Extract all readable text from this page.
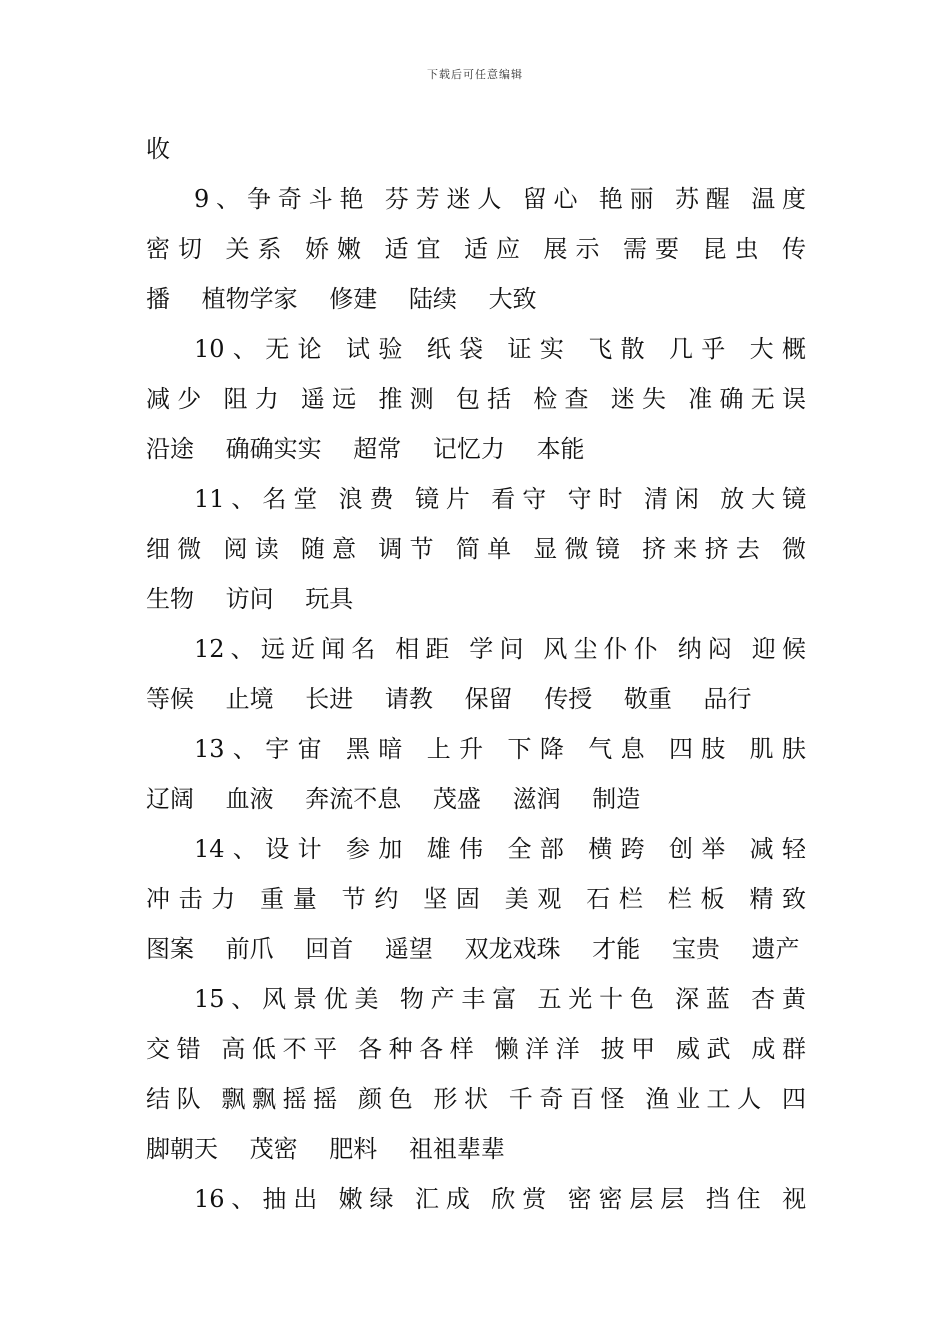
下载后可任意编辑
收
9、争奇斗艳 芬芳迷人 留心 艳丽 苏醒 温度
密切 关系 娇嫩 适宜 适应 展示 需要 昆虫 传
播 植物学家 修建 陆续 大致
10、无论 试验 纸袋 证实 飞散 几乎 大概
减少 阻力 遥远 推测 包括 检查 迷失 准确无误
沿途 确确实实 超常 记忆力 本能
11、名堂 浪费 镜片 看守 守时 清闲 放大镜
细微 阅读 随意 调节 简单 显微镜 挤来挤去 微
生物 访问 玩具
12、远近闻名 相距 学问 风尘仆仆 纳闷 迎候
等候 止境 长进 请教 保留 传授 敬重 品行
13、宇宙 黑暗 上升 下降 气息 四肢 肌肤
辽阔 血液 奔流不息 茂盛 滋润 制造
14、设计 参加 雄伟 全部 横跨 创举 减轻
冲击力 重量 节约 坚固 美观 石栏 栏板 精致
图案 前爪 回首 遥望 双龙戏珠 才能 宝贵 遗产
15、风景优美 物产丰富 五光十色 深蓝 杏黄
交错 高低不平 各种各样 懒洋洋 披甲 威武 成群
结队 飘飘摇摇 颜色 形状 千奇百怪 渔业工人 四
脚朝天 茂密 肥料 祖祖辈辈
16、抽出 嫩绿 汇成 欣赏 密密层层 挡住 视
